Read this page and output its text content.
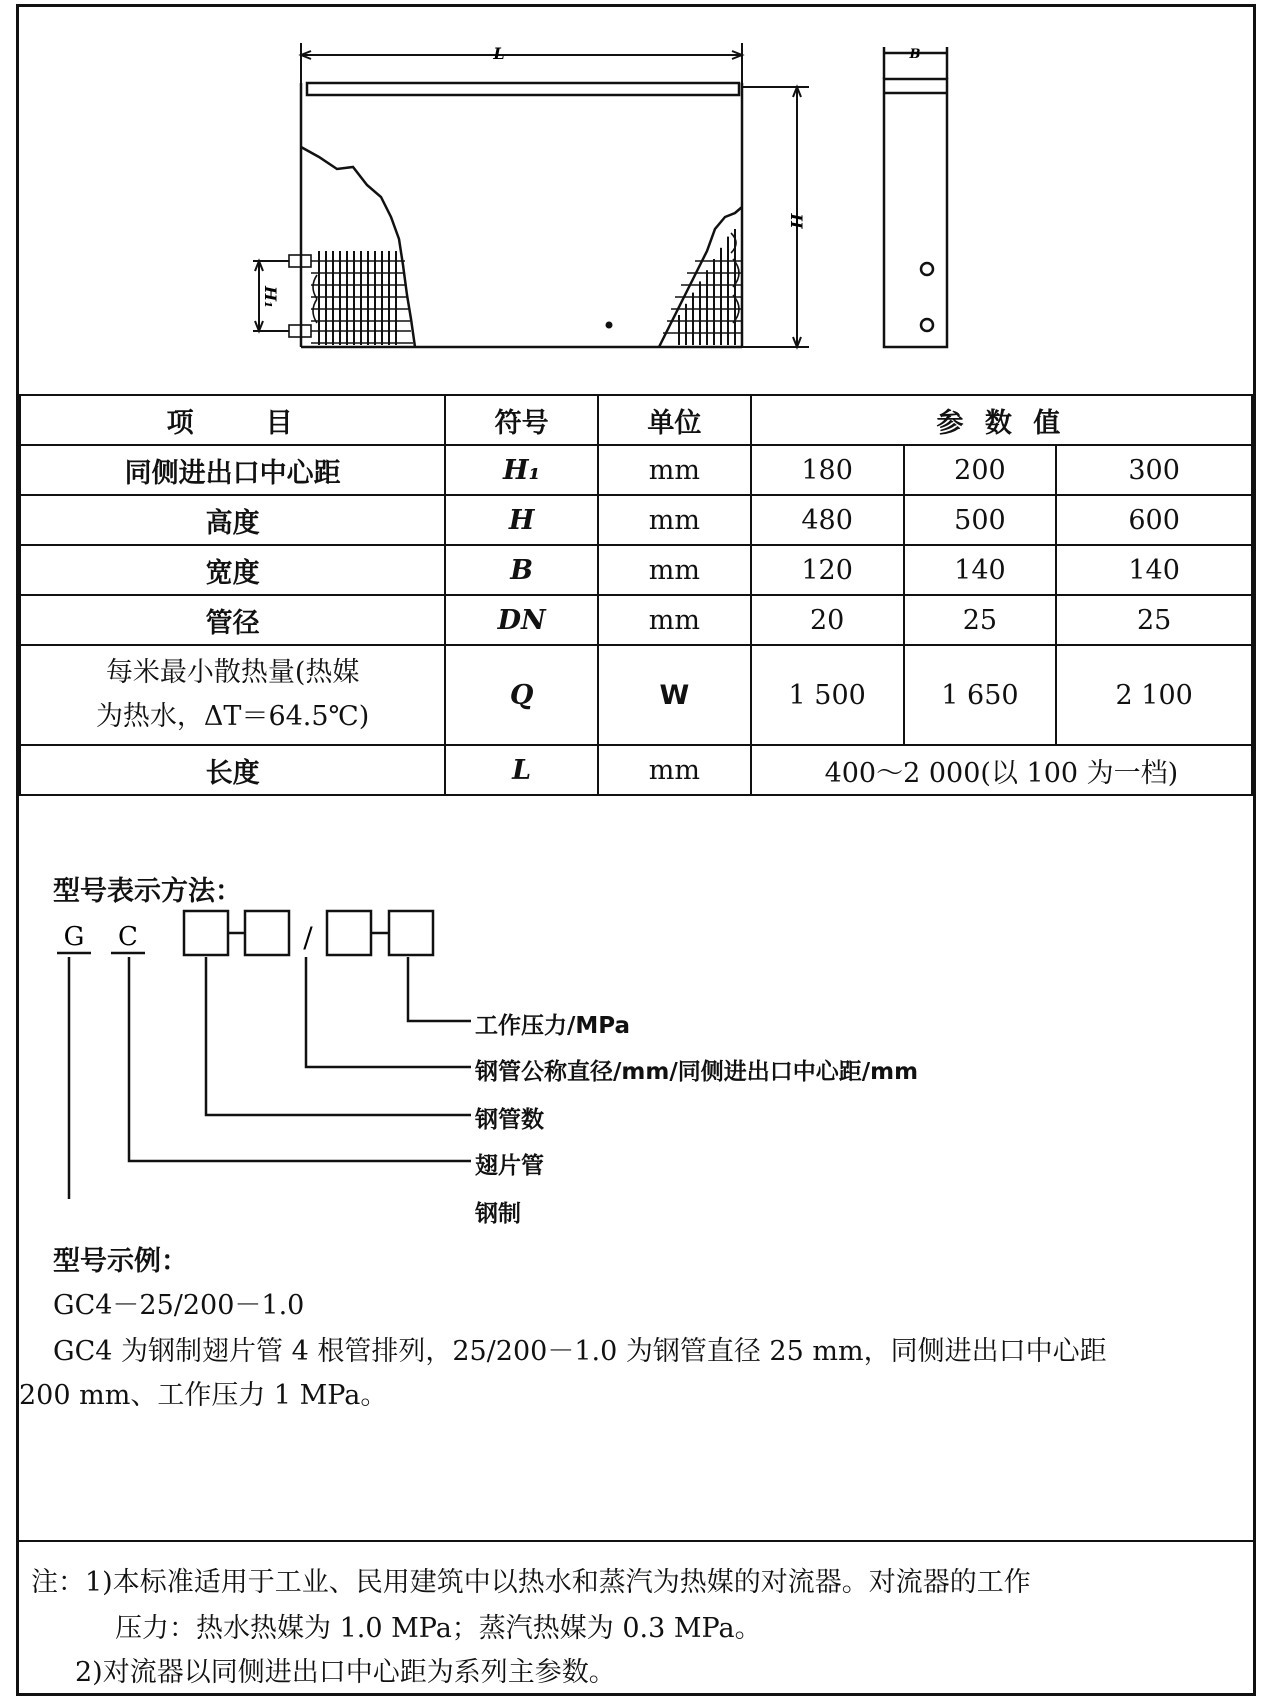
L
H₁
H
B
项　　目	符号	单位	参 数 值		
同侧进出口中心距	H₁	mm	180	200	300
高度	H	mm	480	500	600
宽度	B	mm	120	140	140
管径	DN	mm	20	25	25

每米最小散热量(热媒
为热水，ΔT＝64.5℃)	Q	W	1 500	1 650	2 100
长度	L	mm	400～2 000(以 100 为一档)		
型号表示方法：
G C	/
工作压力/MPa
钢管公称直径/mm/同侧进出口中心距/mm
钢管数
翅片管
型号示例：
GC4－25/200－1.0
GC4 为钢制翅片管 4 根管排列，25/200－1.0 为钢管直径 25 mm，同侧进出口中心距
200 mm、工作压力 1 MPa。
钢制
注：1)本标准适用于工业、民用建筑中以热水和蒸汽为热媒的对流器。对流器的工作
压力：热水热媒为 1.0 MPa；蒸汽热媒为 0.3 MPa。
2)对流器以同侧进出口中心距为系列主参数。
